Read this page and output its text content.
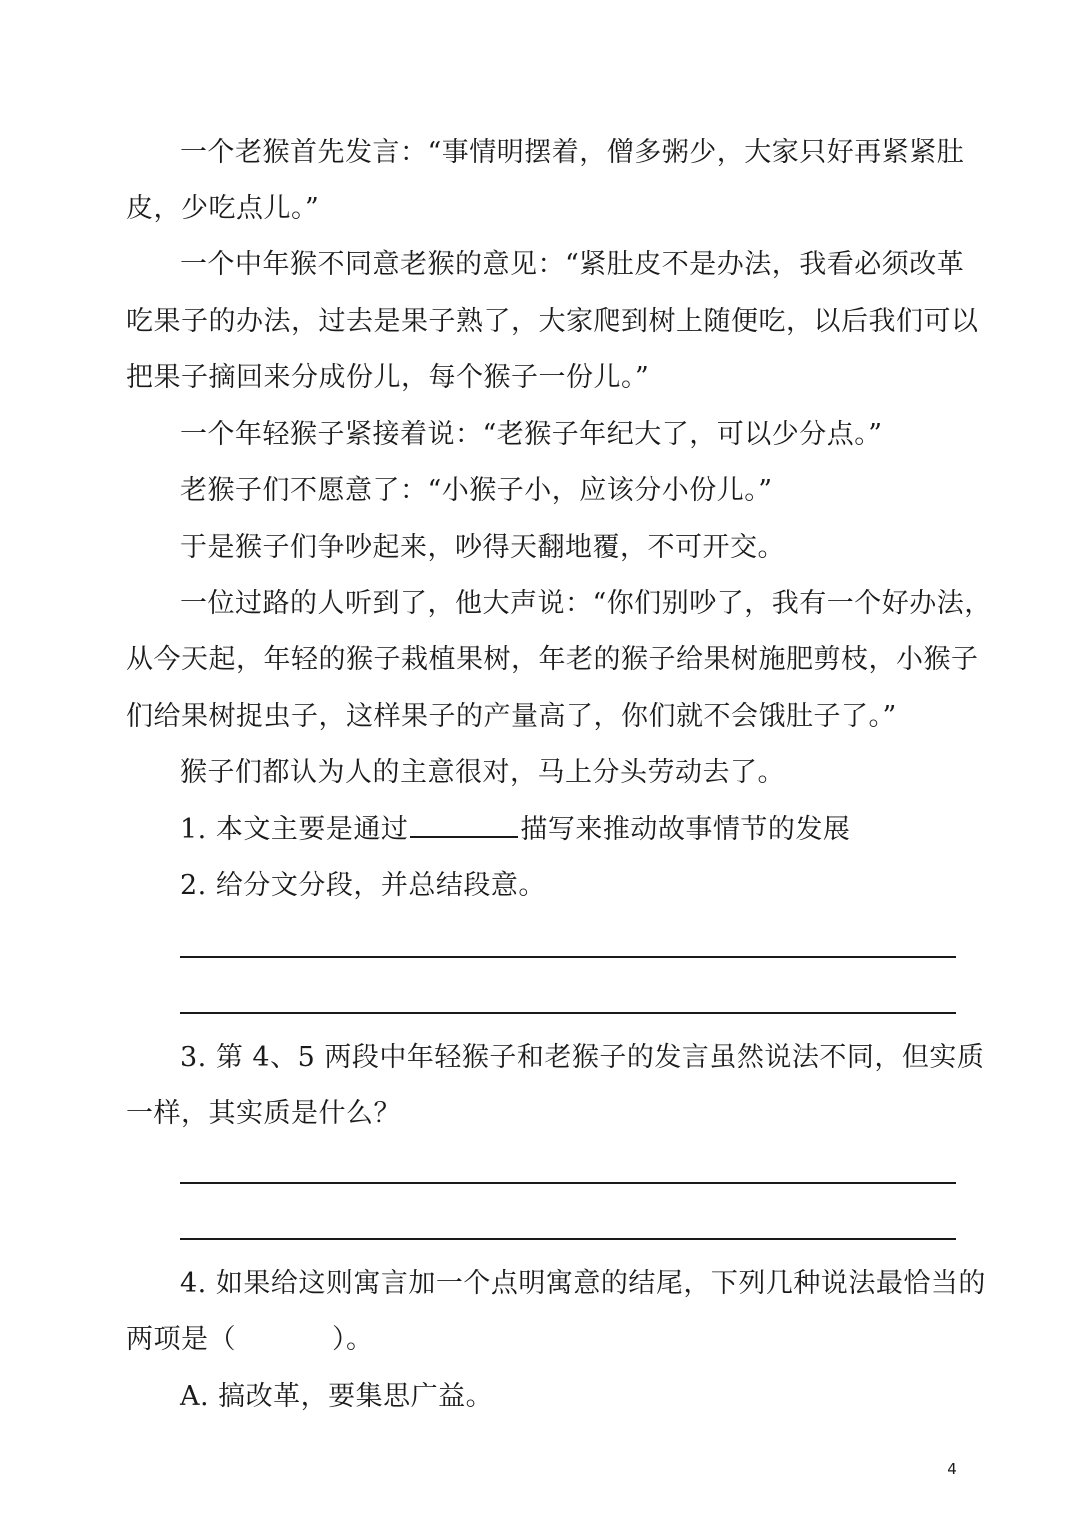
一个老猴首先发言：“事情明摆着，僧多粥少，大家只好再紧紧肚
皮，少吃点儿。”
一个中年猴不同意老猴的意见：“紧肚皮不是办法，我看必须改革
吃果子的办法，过去是果子熟了，大家爬到树上随便吃，以后我们可以
把果子摘回来分成份儿，每个猴子一份儿。”
一个年轻猴子紧接着说：“老猴子年纪大了，可以少分点。”
老猴子们不愿意了：“小猴子小，应该分小份儿。”
于是猴子们争吵起来，吵得天翻地覆，不可开交。
一位过路的人听到了，他大声说：“你们别吵了，我有一个好办法，
从今天起，年轻的猴子栽植果树，年老的猴子给果树施肥剪枝，小猴子
们给果树捉虫子，这样果子的产量高了，你们就不会饿肚子了。”
猴子们都认为人的主意很对，马上分头劳动去了。
1. 本文主要是通过	描写来推动故事情节的发展
2. 给分文分段，并总结段意。
3. 第 4、5 两段中年轻猴子和老猴子的发言虽然说法不同，但实质
一样，其实质是什么？
4. 如果给这则寓言加一个点明寓意的结尾，下列几种说法最恰当的
两项是（	）。
A. 搞改革，要集思广益。
4
